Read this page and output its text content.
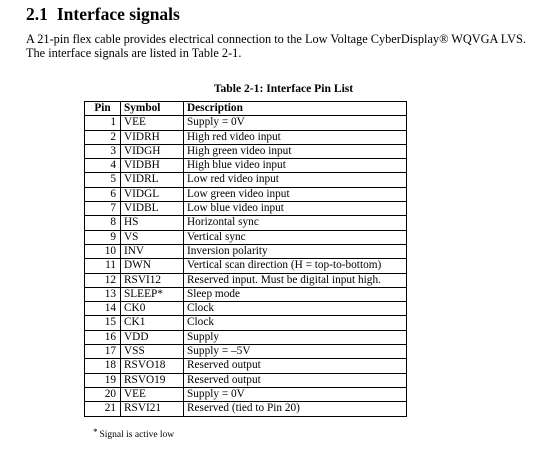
2.1 Interface signals

A 21-pin flex cable provides electrical connection to the Low Voltage CyberDisplay® WQVGA LVS.
The interface signals are listed in Table 2-1.

Table 2-1: Interface Pin List

Pin	Symbol	Description
1	VEE	Supply = 0V
2	VIDRH	High red video input
3	VIDGH	High green video input
4	VIDBH	High blue video input
5	VIDRL	Low red video input
6	VIDGL	Low green video input
7	VIDBL	Low blue video input
8	HS	Horizontal sync
9	VS	Vertical sync
10	INV	Inversion polarity
11	DWN	Vertical scan direction (H = top-to-bottom)
12	RSVI12	Reserved input. Must be digital input high.
13	SLEEP*	Sleep mode
14	CK0	Clock
15	CK1	Clock
16	VDD	Supply
17	VSS	Supply = –5V
18	RSVO18	Reserved output
19	RSVO19	Reserved output
20	VEE	Supply = 0V
21	RSVI21	Reserved (tied to Pin 20)

* Signal is active low
